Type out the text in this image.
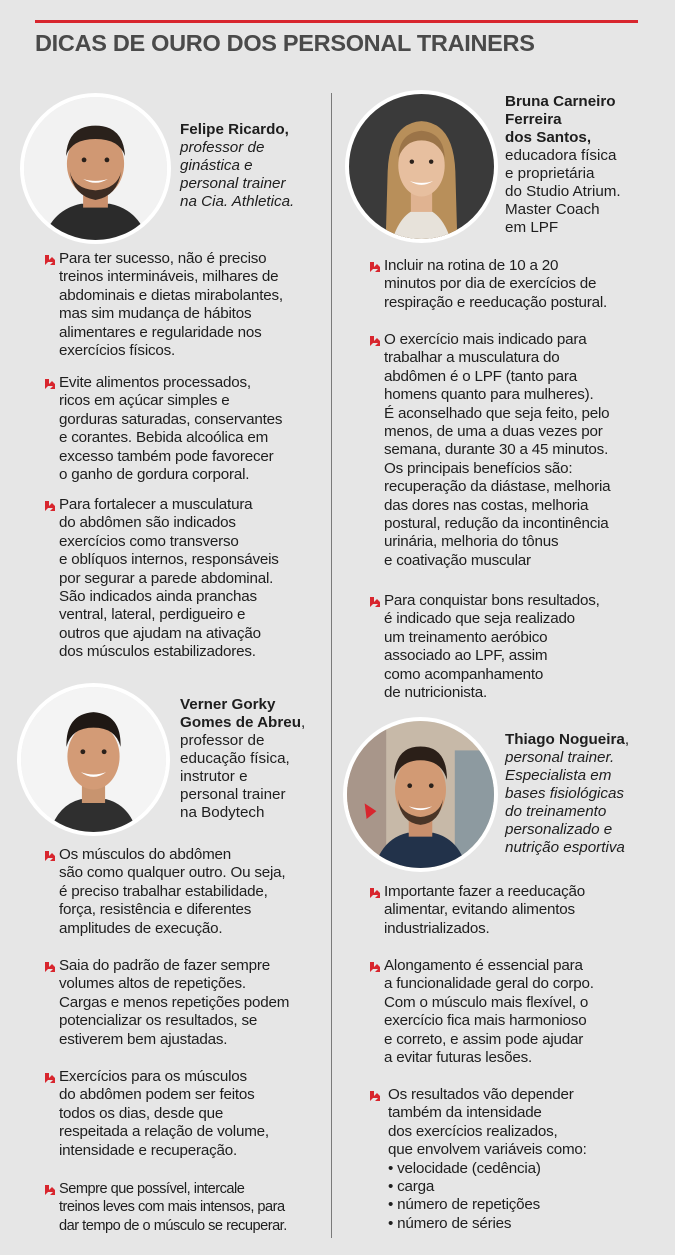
DICAS DE OURO DOS PERSONAL TRAINERS
Felipe Ricardo,
professor de
ginástica e
personal trainer
na Cia. Athletica.
Para ter sucesso, não é preciso
treinos intermináveis, milhares de
abdominais e dietas mirabolantes,
mas sim mudança de hábitos
alimentares e regularidade nos
exercícios físicos.
Evite alimentos processados,
ricos em açúcar simples e
gorduras saturadas, conservantes
e corantes. Bebida alcoólica em
excesso também pode favorecer
o ganho de gordura corporal.
Para fortalecer a musculatura
do abdômen são indicados
exercícios como transverso
e oblíquos internos, responsáveis
por segurar a parede abdominal.
São indicados ainda pranchas
ventral, lateral, perdigueiro e
outros que ajudam na ativação
dos músculos estabilizadores.
Verner Gorky
Gomes de Abreu,
professor de
educação física,
instrutor e
personal trainer
na Bodytech
Os músculos do abdômen
são como qualquer outro. Ou seja,
é preciso trabalhar estabilidade,
força, resistência e diferentes
amplitudes de execução.
Saia do padrão de fazer sempre
volumes altos de repetições.
Cargas e menos repetições podem
potencializar os resultados, se
estiverem bem ajustadas.
Exercícios para os músculos
do abdômen podem ser feitos
todos os dias, desde que
respeitada a relação de volume,
intensidade e recuperação.
Sempre que possível, intercale
treinos leves com mais intensos, para
dar tempo de o músculo se recuperar.
Bruna Carneiro
Ferreira
dos Santos,
educadora física
e proprietária
do Studio Atrium.
Master Coach
em LPF
Incluir na rotina de 10 a 20
minutos por dia de exercícios de
respiração e reeducação postural.
O exercício mais indicado para
trabalhar a musculatura do
abdômen é o LPF (tanto para
homens quanto para mulheres).
É aconselhado que seja feito, pelo
menos, de uma a duas vezes por
semana, durante 30 a 45 minutos.
Os principais benefícios são:
recuperação da diástase, melhoria
das dores nas costas, melhoria
postural, redução da incontinência
urinária, melhoria do tônus
e coativação muscular
Para conquistar bons resultados,
é indicado que seja realizado
um treinamento aeróbico
associado ao LPF, assim
como acompanhamento
de nutricionista.
Thiago Nogueira,
personal trainer.
Especialista em
bases fisiológicas
do treinamento
personalizado e
nutrição esportiva
Importante fazer a reeducação
alimentar, evitando alimentos
industrializados.
Alongamento é essencial para
a funcionalidade geral do corpo.
Com o músculo mais flexível, o
exercício fica mais harmonioso
e correto, e assim pode ajudar
a evitar futuras lesões.
Os resultados vão depender
também da intensidade
dos exercícios realizados,
que envolvem variáveis como:
• velocidade (cedência)
• carga
• número de repetições
• número de séries
